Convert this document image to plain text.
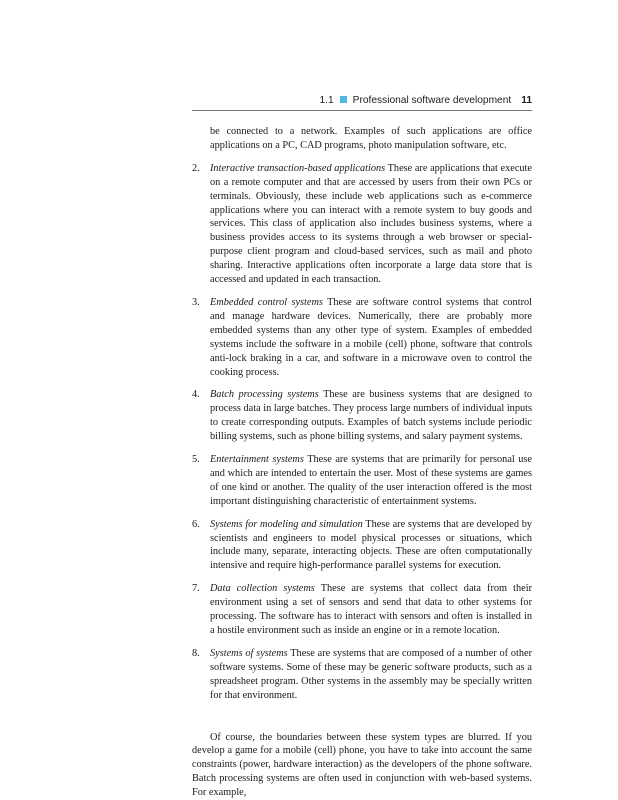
1.1 Professional software development 11

be connected to a network. Examples of such applications are office applications on a PC, CAD programs, photo manipulation software, etc.

2. Interactive transaction-based applications These are applications that execute on a remote computer and that are accessed by users from their own PCs or terminals. Obviously, these include web applications such as e-commerce applications where you can interact with a remote system to buy goods and services. This class of application also includes business systems, where a business provides access to its systems through a web browser or special-purpose client program and cloud-based services, such as mail and photo sharing. Interactive applications often incorporate a large data store that is accessed and updated in each transaction.
3. Embedded control systems These are software control systems that control and manage hardware devices. Numerically, there are probably more embedded systems than any other type of system. Examples of embedded systems include the software in a mobile (cell) phone, software that controls anti-lock braking in a car, and software in a microwave oven to control the cooking process.
4. Batch processing systems These are business systems that are designed to process data in large batches. They process large numbers of individual inputs to create corresponding outputs. Examples of batch systems include periodic billing systems, such as phone billing systems, and salary payment systems.
5. Entertainment systems These are systems that are primarily for personal use and which are intended to entertain the user. Most of these systems are games of one kind or another. The quality of the user interaction offered is the most important distinguishing characteristic of entertainment systems.
6. Systems for modeling and simulation These are systems that are developed by scientists and engineers to model physical processes or situations, which include many, separate, interacting objects. These are often computationally intensive and require high-performance parallel systems for execution.
7. Data collection systems These are systems that collect data from their environment using a set of sensors and send that data to other systems for processing. The software has to interact with sensors and often is installed in a hostile environment such as inside an engine or in a remote location.
8. Systems of systems These are systems that are composed of a number of other software systems. Some of these may be generic software products, such as a spreadsheet program. Other systems in the assembly may be specially written for that environment.

Of course, the boundaries between these system types are blurred. If you develop a game for a mobile (cell) phone, you have to take into account the same constraints (power, hardware interaction) as the developers of the phone software. Batch processing systems are often used in conjunction with web-based systems. For example,
